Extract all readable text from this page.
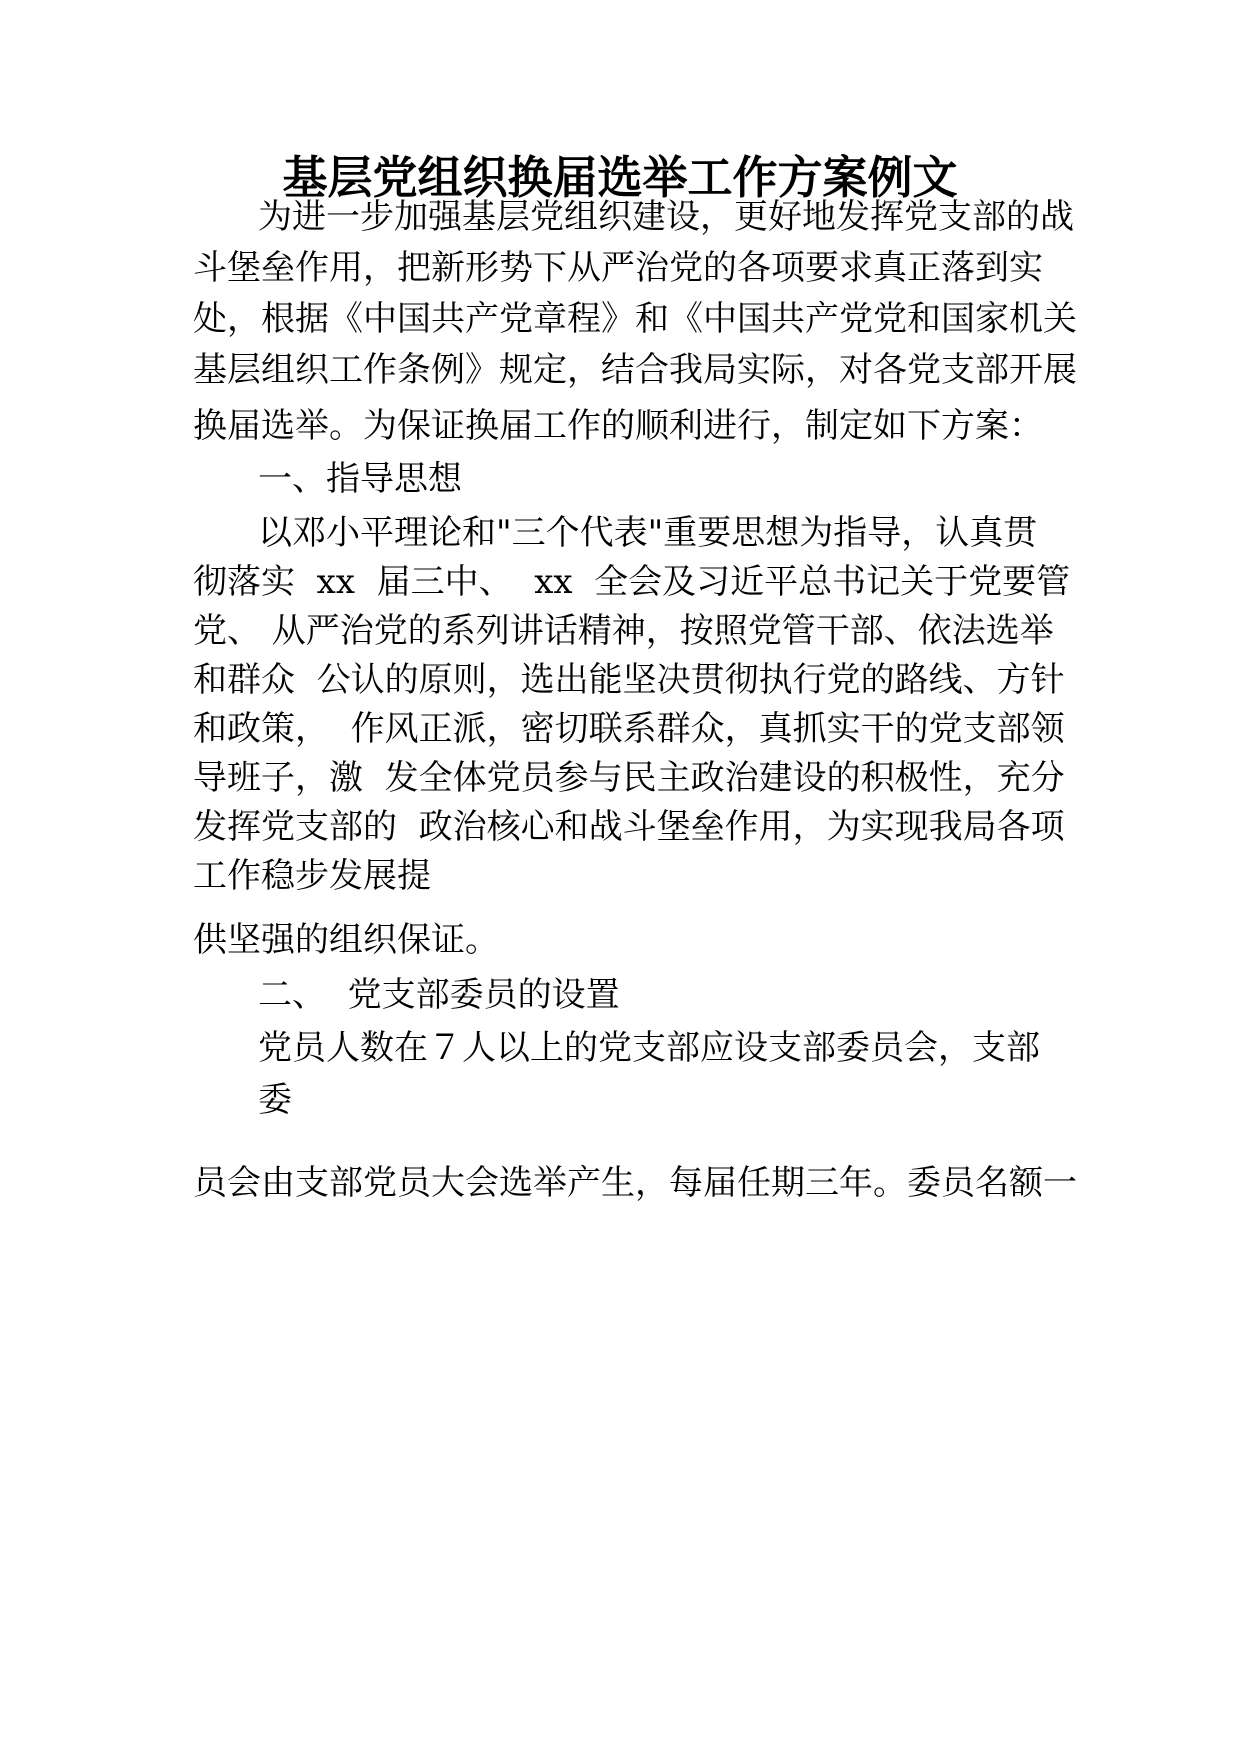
基层党组织换届选举工作方案例文
为进一步加强基层党组织建设，更好地发挥党支部的战
斗堡垒作用，把新形势下从严治党的各项要求真正落到实
处，根据《中国共产党章程》和《中国共产党党和国家机关
基层组织工作条例》规定，结合我局实际，对各党支部开展
换届选举。为保证换届工作的顺利进行，制定如下方案：
一、指导思想
以邓小平理论和"三个代表"重要思想为指导，认真贯
彻落实  xx  届三中、  xx  全会及习近平总书记关于党要管
党、 从严治党的系列讲话精神，按照党管干部、依法选举
和群众  公认的原则，选出能坚决贯彻执行党的路线、方针
和政策，  作风正派，密切联系群众，真抓实干的党支部领
导班子，激  发全体党员参与民主政治建设的积极性，充分
发挥党支部的  政治核心和战斗堡垒作用，为实现我局各项
工作稳步发展提
供坚强的组织保证。
二、  党支部委员的设置
党员人数在７人以上的党支部应设支部委员会，支部
委
员会由支部党员大会选举产生，每届任期三年。委员名额一
